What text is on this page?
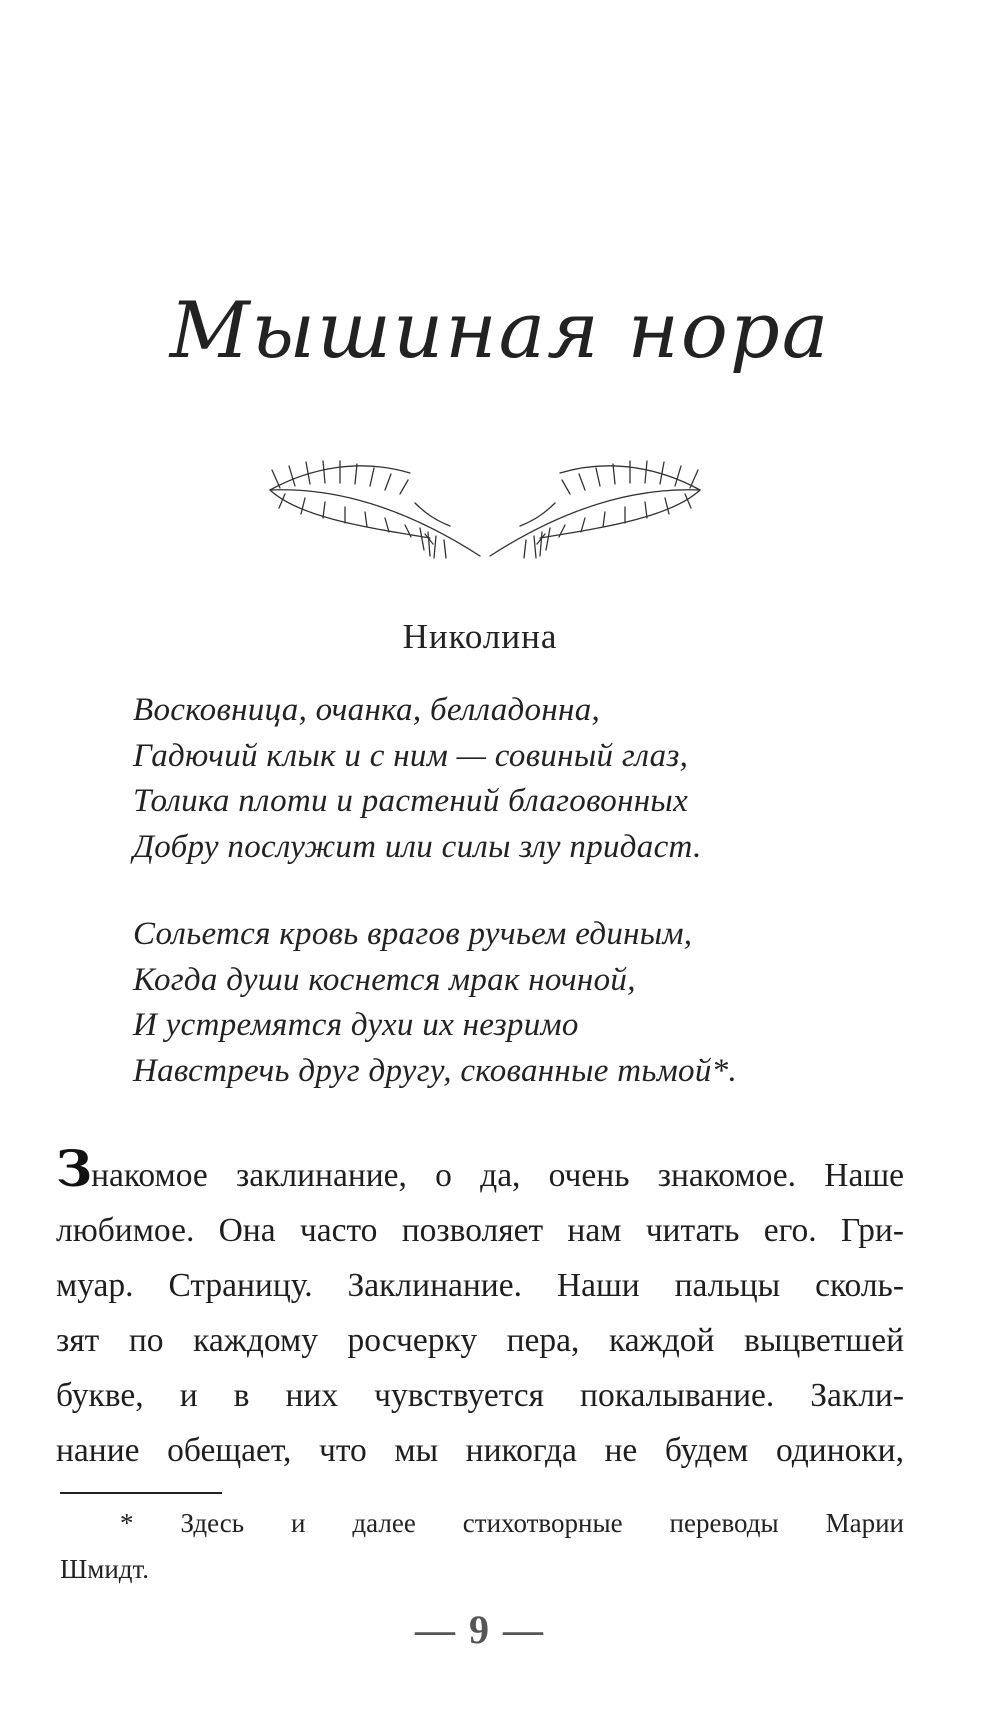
Мышиная нора

Николина

Восковница, очанка, белладонна,
Гадючий клык и с ним — совиный глаз,
Толика плоти и растений благовонных
Добру послужит или силы злу придаст.

Сольется кровь врагов ручьем единым,
Когда души коснется мрак ночной,
И устремятся духи их незримо
Навстречь друг другу, скованные тьмой*.

Знакомое заклинание, о да, очень знакомое. Наше
любимое. Она часто позволяет нам читать его. Гри-
муар. Страницу. Заклинание. Наши пальцы сколь-
зят по каждому росчерку пера, каждой выцветшей
букве, и в них чувствуется покалывание. Закли-
нание обещает, что мы никогда не будем одиноки,

* Здесь и далее стихотворные переводы Марии
Шмидт.

— 9 —
